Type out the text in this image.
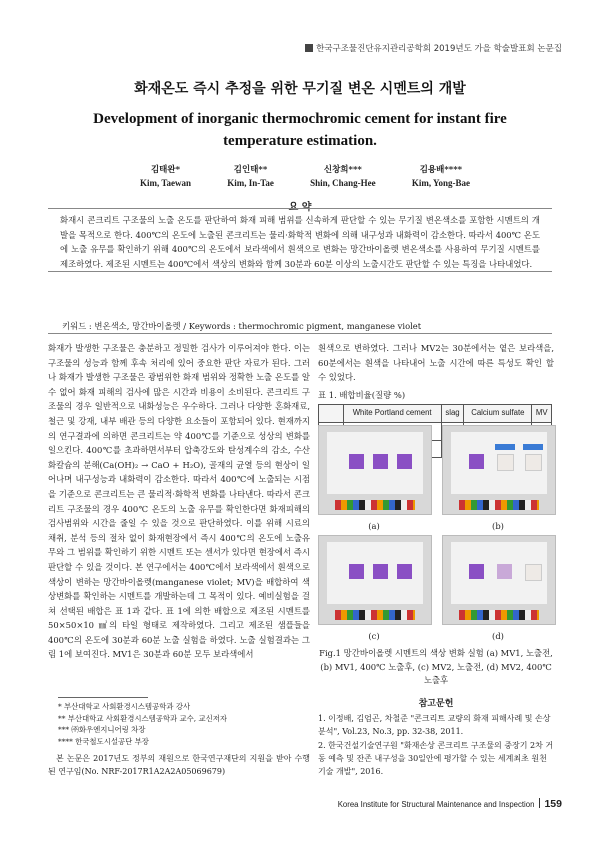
한국구조물진단유지관리공학회 2019년도 가을 학술발표회 논문집
화재온도 즉시 추정을 위한 무기질 변온 시멘트의 개발
Development of inorganic thermochromic cement for instant fire temperature estimation.
김태완*
Kim, Taewan
김인태**
Kim, In-Tae
신창희***
Shin, Chang-Hee
김용배****
Kim, Yong-Bae
요 약
화재시 콘크리트 구조물의 노출 온도를 판단하여 화재 피해 범위를 신속하게 판단할 수 있는 무기질 변온색소를 포함한 시멘트의 개발을 목적으로 한다. 400℃의 온도에 노출된 콘크리트는 물리·화학적 변화에 의해 내구성과 내화력이 감소한다. 따라서 400℃ 온도에 노출 유무를 확인하기 위해 400℃의 온도에서 보라색에서 흰색으로 변화는 망간바이올렛 변온색소를 사용하여 무기질 시멘트를 제조하였다. 제조된 시멘트는 400℃에서 색상의 변화와 함께 30분과 60분 이상의 노출시간도 판단할 수 있는 특징을 나타내었다.
키워드 : 변온색소, 망간바이올렛 / Keywords : thermochromic pigment, manganese violet
화재가 발생한 구조물은 충분하고 정밀한 검사가 이루어져야 한다. 이는 구조물의 성능과 함께 후속 처리에 있어 중요한 판단 자료가 된다. 그러나 화재가 발생한 구조물은 광범위한 화재 범위와 정확한 노출 온도를 알 수 없어 화재 피해의 검사에 많은 시간과 비용이 소비된다. 콘크리트 구조물의 경우 일반적으로 내화성능은 우수하다. 그러나 다양한 혼화재료, 철근 및 강재, 내부 배관 등의 다양한 요소들이 포함되어 있다. 현재까지의 연구결과에 의하면 콘크리트는 약 400℃를 기준으로 성상의 변화를 일으킨다. 400℃를 초과하면서부터 압축강도와 탄성계수의 감소, 수산화칼슘의 분해(Ca(OH)₂ → CaO + H₂O), 골재의 균열 등의 현상이 일어나며 내구성능과 내화력이 감소한다. 따라서 400℃에 노출되는 시점을 기준으로 콘크리트는 큰 물리적·화학적 변화를 나타낸다. 따라서 콘크리트 구조물의 경우 400℃ 온도의 노출 유무를 확인한다면 화재피해의 검사범위와 시간을 줄일 수 있을 것으로 판단하였다. 이를 위해 시료의 채취, 분석 등의 절차 없이 화재현장에서 즉시 400℃의 온도에 노출유무와 그 범위를 확인하기 위한 시멘트 또는 센서가 있다면 현장에서 즉시 판단할 수 있을 것이다. 본 연구에서는 400℃에서 보라색에서 흰색으로 색상이 변하는 망간바이올렛(manganese violet; MV)을 배합하여 색상변화를 확인하는 시멘트를 개발하는데 그 목적이 있다. 예비실험을 걸쳐 선택된 배합은 표 1과 같다. 표 1에 의한 배합으로 제조된 시멘트를 50×50×10 ㎣의 타일 형태로 제작하였다. 그리고 제조된 샘플들을 400℃의 온도에 30분과 60분 노출 실험을 하였다. 노출 실험결과는 그림 1에 보여진다. MV1은 30분과 60분 모두 보라색에서
흰색으로 변하였다. 그러나 MV2는 30분에서는 옅은 보라색을, 60분에서는 흰색을 나타내어 노출 시간에 따른 특성도 확인 할 수 있었다.
표 1. 배합비율(질량 %)
	White Portland cement	slag	Calcium sulfate	MV

(a)	(b)
(c)	(d)
Fig.1 망간바이올렛 시멘트의 색상 변화 실험 (a) MV1, 노출전, (b) MV1, 400℃ 노출후, (c) MV2, 노출전, (d) MV2, 400℃ 노출후
참고문헌

1. 이정배, 김엄곤, 차철준 "콘크리트 교량의 화재 피해사례 및 손상분석", Vol.23, No.3, pp. 32-38, 2011.

2. 한국건설기술연구원 "화재손상 콘크리트 구조물의 중장기 2차 거동 예측 및 잔존 내구성을 30일안에 평가할 수 있는 세계최초 원천기술 개발", 2016.

* 부산대학교 사회환경시스템공학과 강사

** 부산대학교 사회환경시스템공학과 교수, 교신저자

*** ㈜화우엔지니어링 차장

**** 한국철도시설공단 부장

본 논문은 2017년도 정부의 재원으로 한국연구재단의 지원을 받아 수행된 연구임(No. NRF-2017R1A2A2A05069679)
Korea Institute for Structural Maintenance and Inspection 159
